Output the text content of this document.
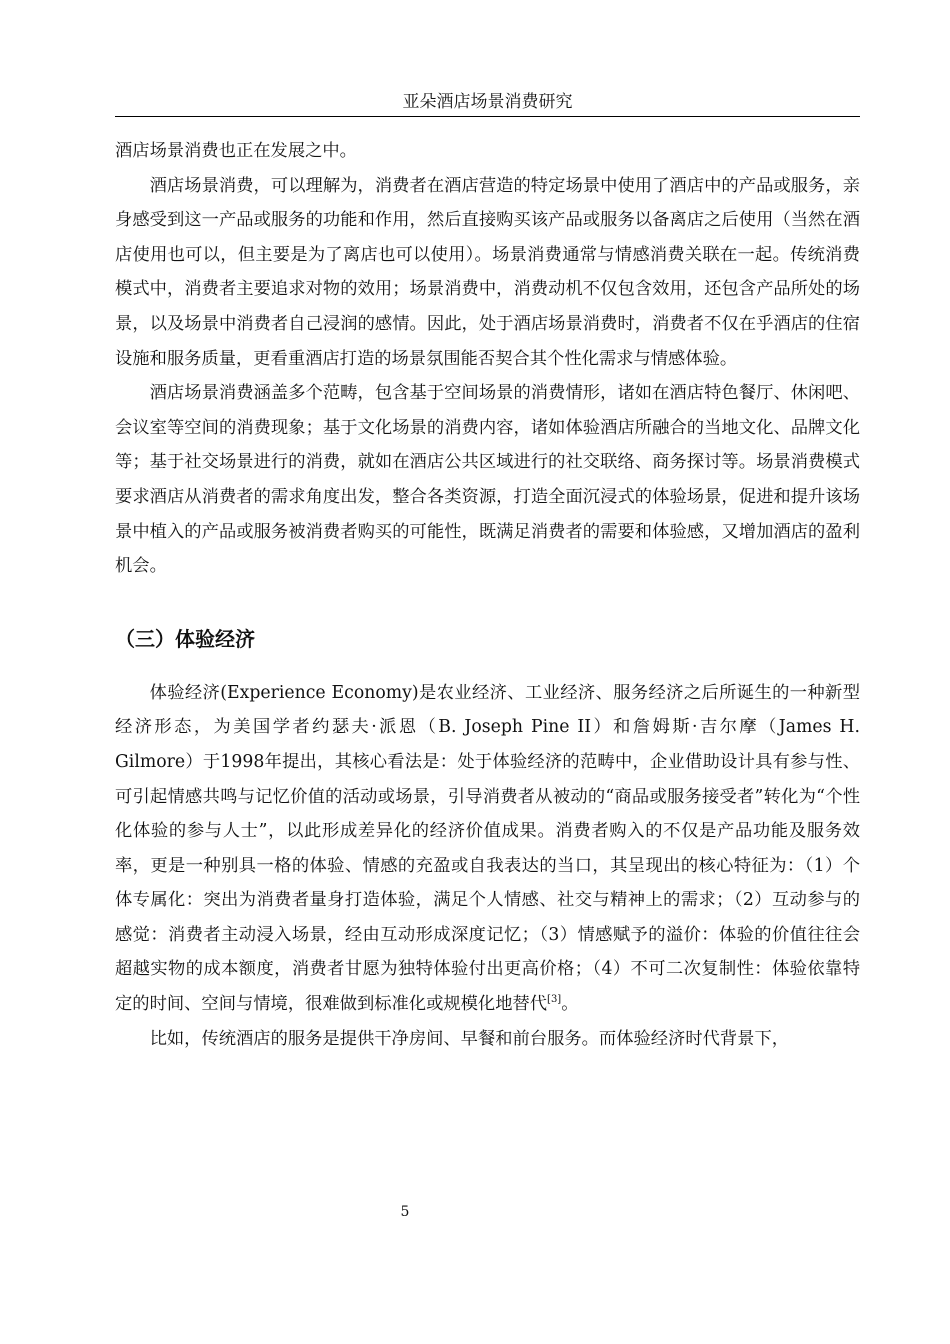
亚朵酒店场景消费研究

酒店场景消费也正在发展之中。

酒店场景消费，可以理解为，消费者在酒店营造的特定场景中使用了酒店中的产品或服务，亲身感受到这一产品或服务的功能和作用，然后直接购买该产品或服务以备离店之后使用（当然在酒店使用也可以，但主要是为了离店也可以使用）。场景消费通常与情感消费关联在一起。传统消费模式中，消费者主要追求对物的效用；场景消费中，消费动机不仅包含效用，还包含产品所处的场景，以及场景中消费者自己浸润的感情。因此，处于酒店场景消费时，消费者不仅在乎酒店的住宿设施和服务质量，更看重酒店打造的场景氛围能否契合其个性化需求与情感体验。

酒店场景消费涵盖多个范畴，包含基于空间场景的消费情形，诸如在酒店特色餐厅、休闲吧、会议室等空间的消费现象；基于文化场景的消费内容，诸如体验酒店所融合的当地文化、品牌文化等；基于社交场景进行的消费，就如在酒店公共区域进行的社交联络、商务探讨等。场景消费模式要求酒店从消费者的需求角度出发，整合各类资源，打造全面沉浸式的体验场景，促进和提升该场景中植入的产品或服务被消费者购买的可能性，既满足消费者的需要和体验感，又增加酒店的盈利机会。

（三）体验经济

体验经济(Experience Economy)是农业经济、工业经济、服务经济之后所诞生的一种新型经济形态，为美国学者约瑟夫·派恩（B. Joseph Pine II）和詹姆斯·吉尔摩（James H. Gilmore）于1998年提出，其核心看法是：处于体验经济的范畴中，企业借助设计具有参与性、可引起情感共鸣与记忆价值的活动或场景，引导消费者从被动的“商品或服务接受者”转化为“个性化体验的参与人士”，以此形成差异化的经济价值成果。消费者购入的不仅是产品功能及服务效率，更是一种别具一格的体验、情感的充盈或自我表达的当口，其呈现出的核心特征为：（1）个体专属化：突出为消费者量身打造体验，满足个人情感、社交与精神上的需求；（2）互动参与的感觉：消费者主动浸入场景，经由互动形成深度记忆；（3）情感赋予的溢价：体验的价值往往会超越实物的成本额度，消费者甘愿为独特体验付出更高价格；（4）不可二次复制性：体验依靠特定的时间、空间与情境，很难做到标准化或规模化地替代[3]。

比如，传统酒店的服务是提供干净房间、早餐和前台服务。而体验经济时代背景下，

5
